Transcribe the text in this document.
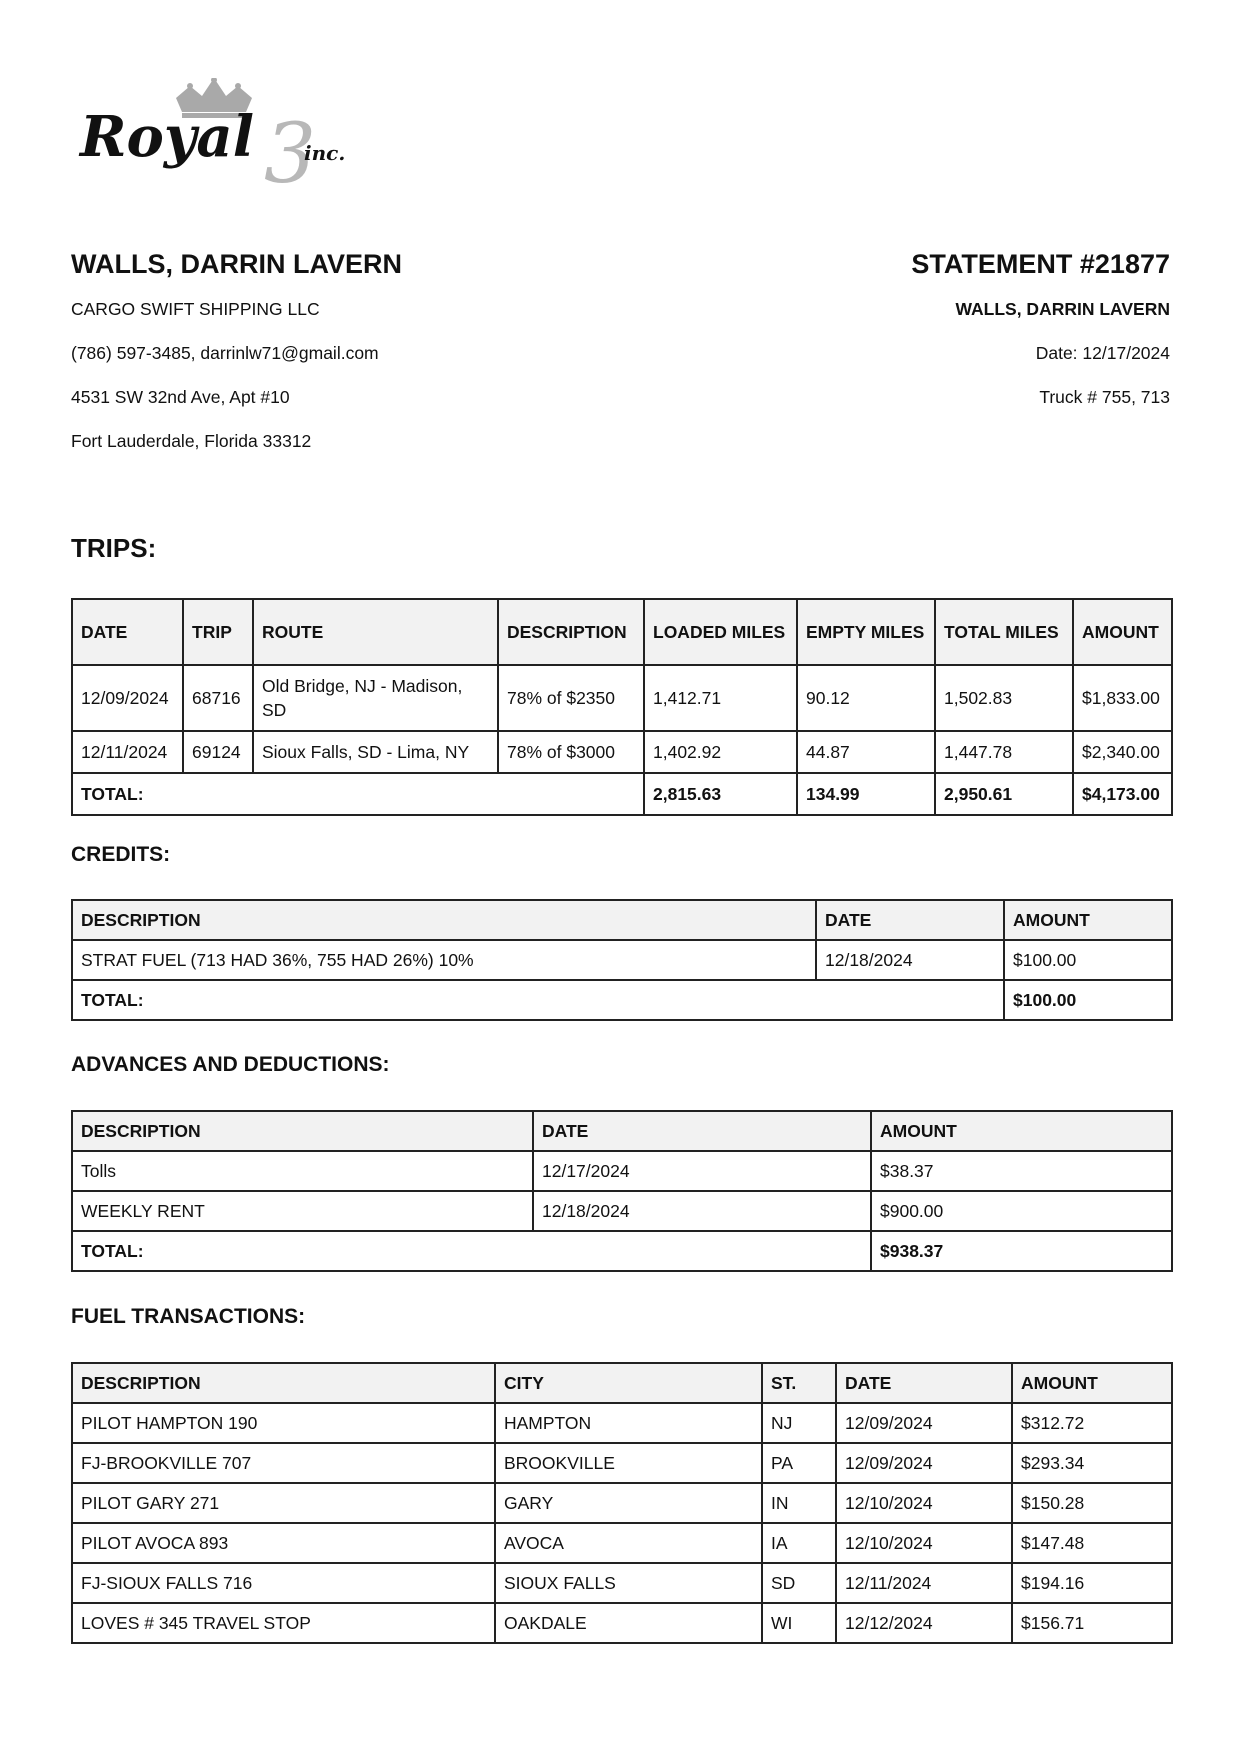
Royal 3
inc.
WALLS, DARRIN LAVERN
CARGO SWIFT SHIPPING LLC
(786) 597-3485, darrinlw71@gmail.com
4531 SW 32nd Ave, Apt #10
Fort Lauderdale, Florida 33312
STATEMENT #21877
WALLS, DARRIN LAVERN
Date: 12/17/2024
Truck # 755, 713
TRIPS:
DATE	TRIP	ROUTE	DESCRIPTION	LOADED MILES	EMPTY MILES	TOTAL MILES	AMOUNT
12/09/2024	68716	Old Bridge, NJ - Madison, SD	78% of $2350	1,412.71	90.12	1,502.83	$1,833.00
12/11/2024	69124	Sioux Falls, SD - Lima, NY	78% of $3000	1,402.92	44.87	1,447.78	$2,340.00
TOTAL:				2,815.63	134.99	2,950.61	$4,173.00
CREDITS:
DESCRIPTION	DATE	AMOUNT
STRAT FUEL (713 HAD 36%, 755 HAD 26%) 10%	12/18/2024	$100.00
TOTAL:		$100.00
ADVANCES AND DEDUCTIONS:
DESCRIPTION	DATE	AMOUNT
Tolls	12/17/2024	$38.37
WEEKLY RENT	12/18/2024	$900.00
TOTAL:		$938.37
FUEL TRANSACTIONS:
DESCRIPTION	CITY	ST.	DATE	AMOUNT
PILOT HAMPTON 190	HAMPTON	NJ	12/09/2024	$312.72
FJ-BROOKVILLE 707	BROOKVILLE	PA	12/09/2024	$293.34
PILOT GARY 271	GARY	IN	12/10/2024	$150.28
PILOT AVOCA 893	AVOCA	IA	12/10/2024	$147.48
FJ-SIOUX FALLS 716	SIOUX FALLS	SD	12/11/2024	$194.16
LOVES # 345 TRAVEL STOP	OAKDALE	WI	12/12/2024	$156.71
